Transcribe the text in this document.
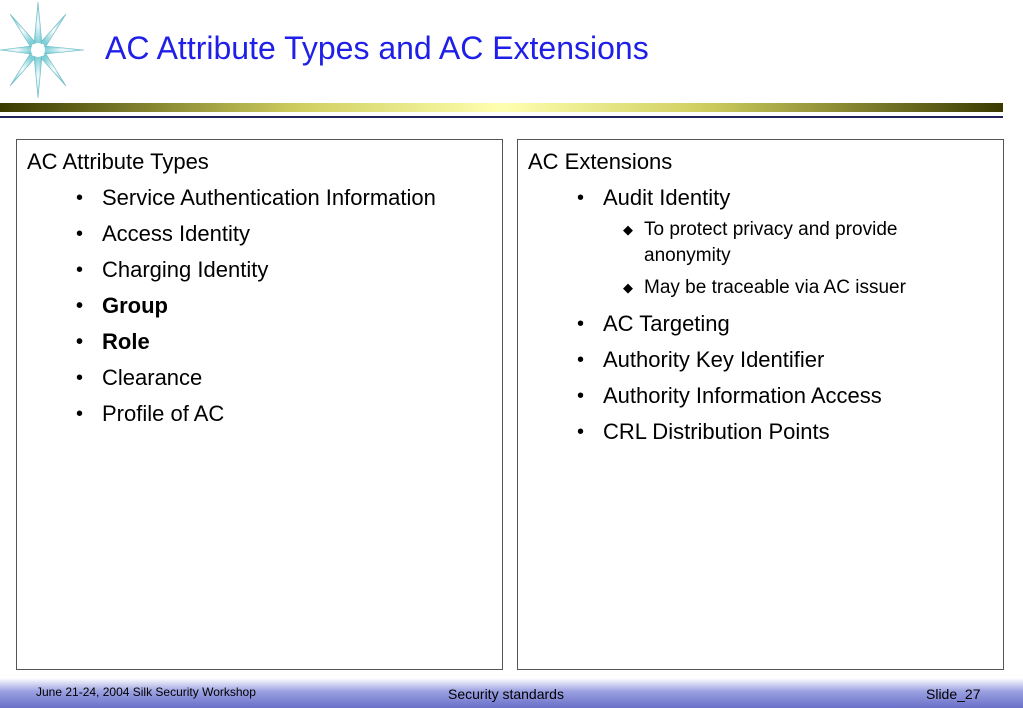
AC Attribute Types and AC Extensions
AC Attribute Types
• Service Authentication Information
• Access Identity
• Charging Identity
• Group
• Role
• Clearance
• Profile of AC
AC Extensions
• Audit Identity
◆ To protect privacy and provide anonymity
◆ May be traceable via AC issuer
• AC Targeting
• Authority Key Identifier
• Authority Information Access
• CRL Distribution Points
June 21-24, 2004 Silk Security Workshop	Security standards	Slide_27
